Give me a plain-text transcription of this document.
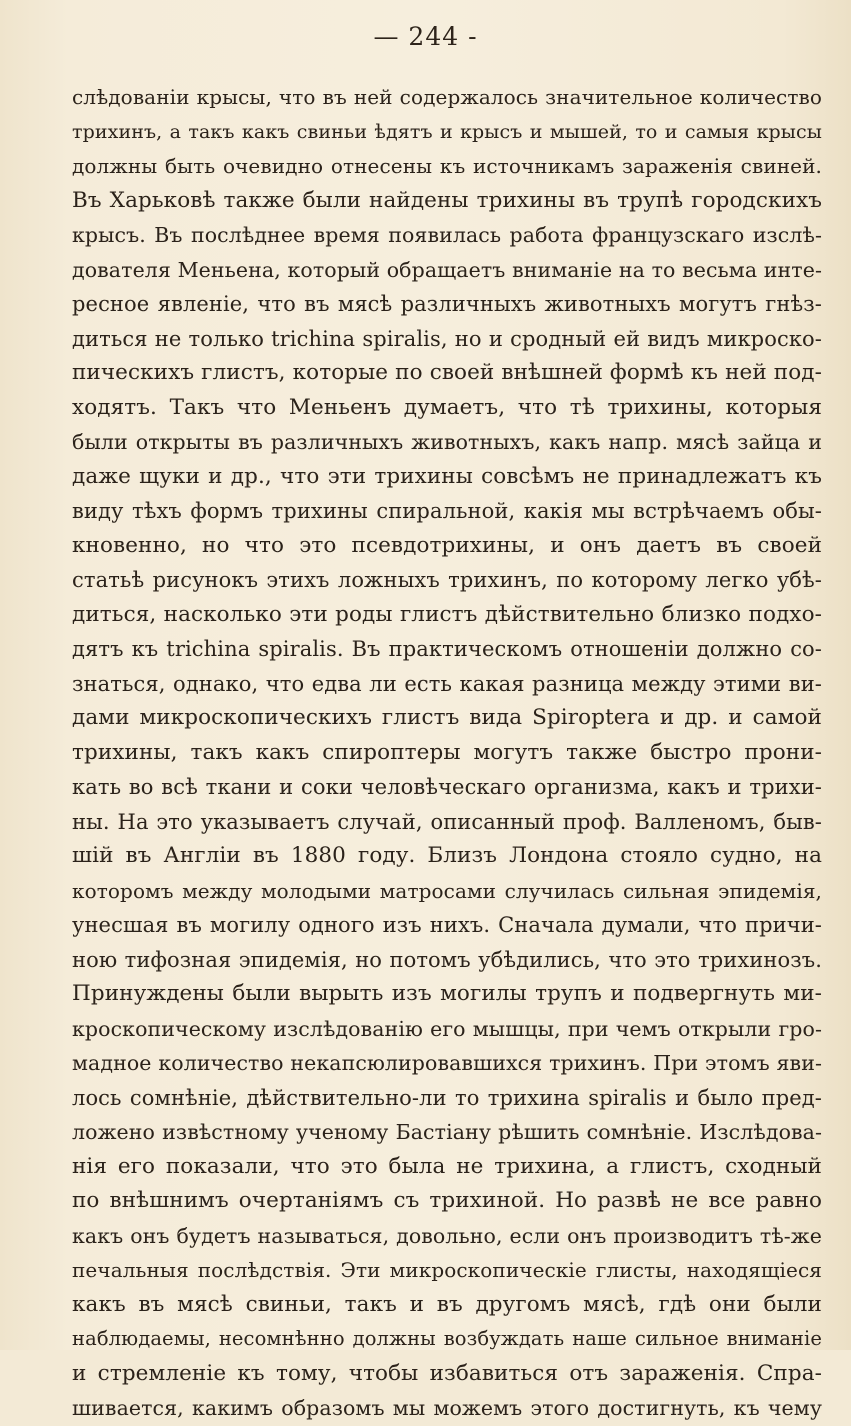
— 244 -
слѣдованіи крысы, что въ ней содержалось значительное количество
трихинъ, а такъ какъ свиньи ѣдятъ и крысъ и мышей, то и самыя крысы
должны быть очевидно отнесены къ источникамъ зараженія свиней.
Въ Харьковѣ также были найдены трихины въ трупѣ городскихъ
крысъ. Въ послѣднее время появилась работа французскаго изслѣ-
дователя Меньена, который обращаетъ вниманіе на то весьма инте-
ресное явленіе, что въ мясѣ различныхъ животныхъ могутъ гнѣз-
диться не только trichina spiralis, но и сродный ей видъ микроско-
пическихъ глистъ, которые по своей внѣшней формѣ къ ней под-
ходятъ. Такъ что Меньенъ думаетъ, что тѣ трихины, которыя
были открыты въ различныхъ животныхъ, какъ напр. мясѣ зайца и
даже щуки и др., что эти трихины совсѣмъ не принадлежатъ къ
виду тѣхъ формъ трихины спиральной, какія мы встрѣчаемъ обы-
кновенно, но что это псевдотрихины, и онъ даетъ въ своей
статьѣ рисунокъ этихъ ложныхъ трихинъ, по которому легко убѣ-
диться, насколько эти роды глистъ дѣйствительно близко подхо-
дятъ къ trichina spiralis. Въ практическомъ отношеніи должно со-
знаться, однако, что едва ли есть какая разница между этими ви-
дами микроскопическихъ глистъ вида Spiroptera и др. и самой
трихины, такъ какъ спироптеры могутъ также быстро прони-
кать во всѣ ткани и соки человѣческаго организма, какъ и трихи-
ны. На это указываетъ случай, описанный проф. Валленомъ, быв-
шій въ Англіи въ 1880 году. Близъ Лондона стояло судно, на
которомъ между молодыми матросами случилась сильная эпидемія,
унесшая въ могилу одного изъ нихъ. Сначала думали, что причи-
ною тифозная эпидемія, но потомъ убѣдились, что это трихинозъ.
Принуждены были вырыть изъ могилы трупъ и подвергнуть ми-
кроскопическому изслѣдованію его мышцы, при чемъ открыли гро-
мадное количество некапсюлировавшихся трихинъ. При этомъ яви-
лось сомнѣніе, дѣйствительно-ли то трихина spiralis и было пред-
ложено извѣстному ученому Бастіану рѣшить сомнѣніе. Изслѣдова-
нія его показали, что это была не трихина, а глистъ, сходный
по внѣшнимъ очертаніямъ съ трихиной. Но развѣ не все равно
какъ онъ будетъ называться, довольно, если онъ производитъ тѣ-же
печальныя послѣдствія. Эти микроскопическіе глисты, находящіеся
какъ въ мясѣ свиньи, такъ и въ другомъ мясѣ, гдѣ они были
наблюдаемы, несомнѣнно должны возбуждать наше сильное вниманіе
и стремленіе къ тому, чтобы избавиться отъ зараженія. Спра-
шивается, какимъ образомъ мы можемъ этого достигнуть, къ чему
